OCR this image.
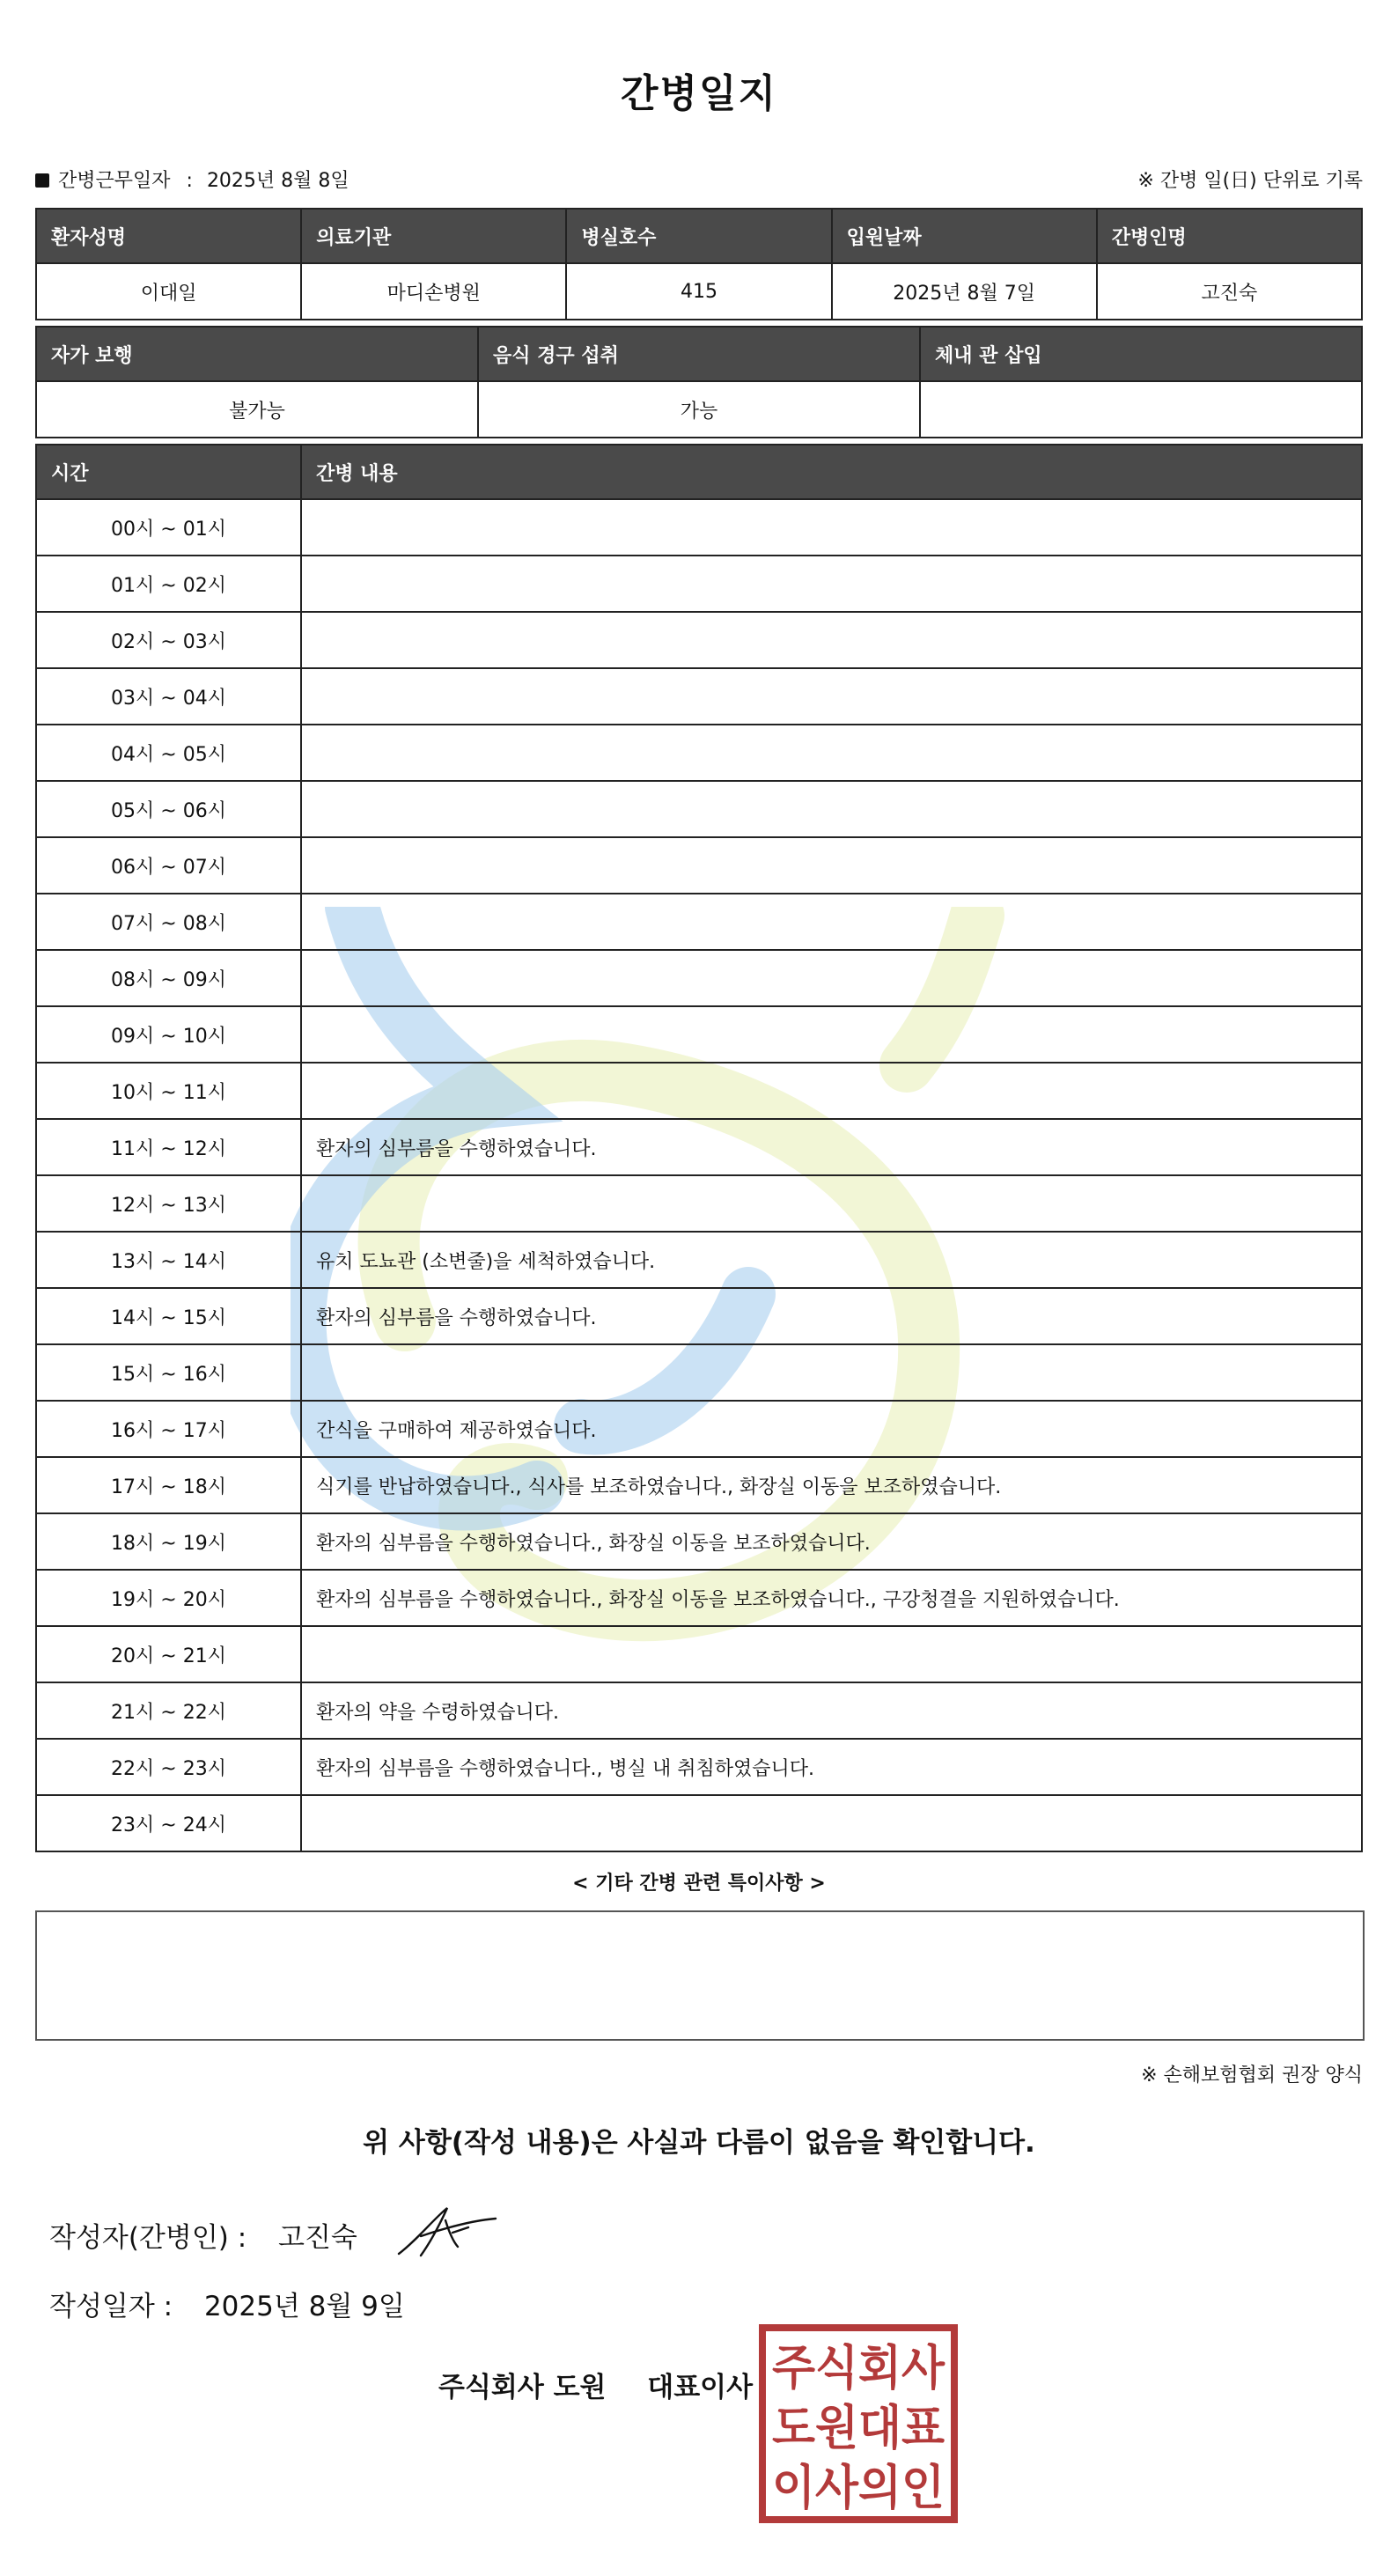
간병일지
간병근무일자 : 2025년 8월 8일	※ 간병 일(日) 단위로 기록
환자성명	의료기관	병실호수	입원날짜	간병인명
이대일	마디손병원	415	2025년 8월 7일	고진숙
자가 보행	음식 경구 섭취	체내 관 삽입
불가능	가능	
시간	간병 내용
00시 ~ 01시	
01시 ~ 02시	
02시 ~ 03시	
03시 ~ 04시	
04시 ~ 05시	
05시 ~ 06시	
06시 ~ 07시	
07시 ~ 08시	
08시 ~ 09시	
09시 ~ 10시	
10시 ~ 11시	
11시 ~ 12시	환자의 심부름을 수행하였습니다.
12시 ~ 13시	
13시 ~ 14시	유치 도뇨관 (소변줄)을 세척하였습니다.
14시 ~ 15시	환자의 심부름을 수행하였습니다.
15시 ~ 16시	
16시 ~ 17시	간식을 구매하여 제공하였습니다.
17시 ~ 18시	식기를 반납하였습니다., 식사를 보조하였습니다., 화장실 이동을 보조하였습니다.
18시 ~ 19시	환자의 심부름을 수행하였습니다., 화장실 이동을 보조하였습니다.
19시 ~ 20시	환자의 심부름을 수행하였습니다., 화장실 이동을 보조하였습니다., 구강청결을 지원하였습니다.
20시 ~ 21시	
21시 ~ 22시	환자의 약을 수령하였습니다.
22시 ~ 23시	환자의 심부름을 수행하였습니다., 병실 내 취침하였습니다.
23시 ~ 24시	
< 기타 간병 관련 특이사항 >
※ 손해보험협회 권장 양식
위 사항(작성 내용)은 사실과 다름이 없음을 확인합니다.
작성자(간병인) : 고진숙
작성일자 : 2025년 8월 9일
주식회사 도원 대표이사 주식회사
도원대표
이사의인
